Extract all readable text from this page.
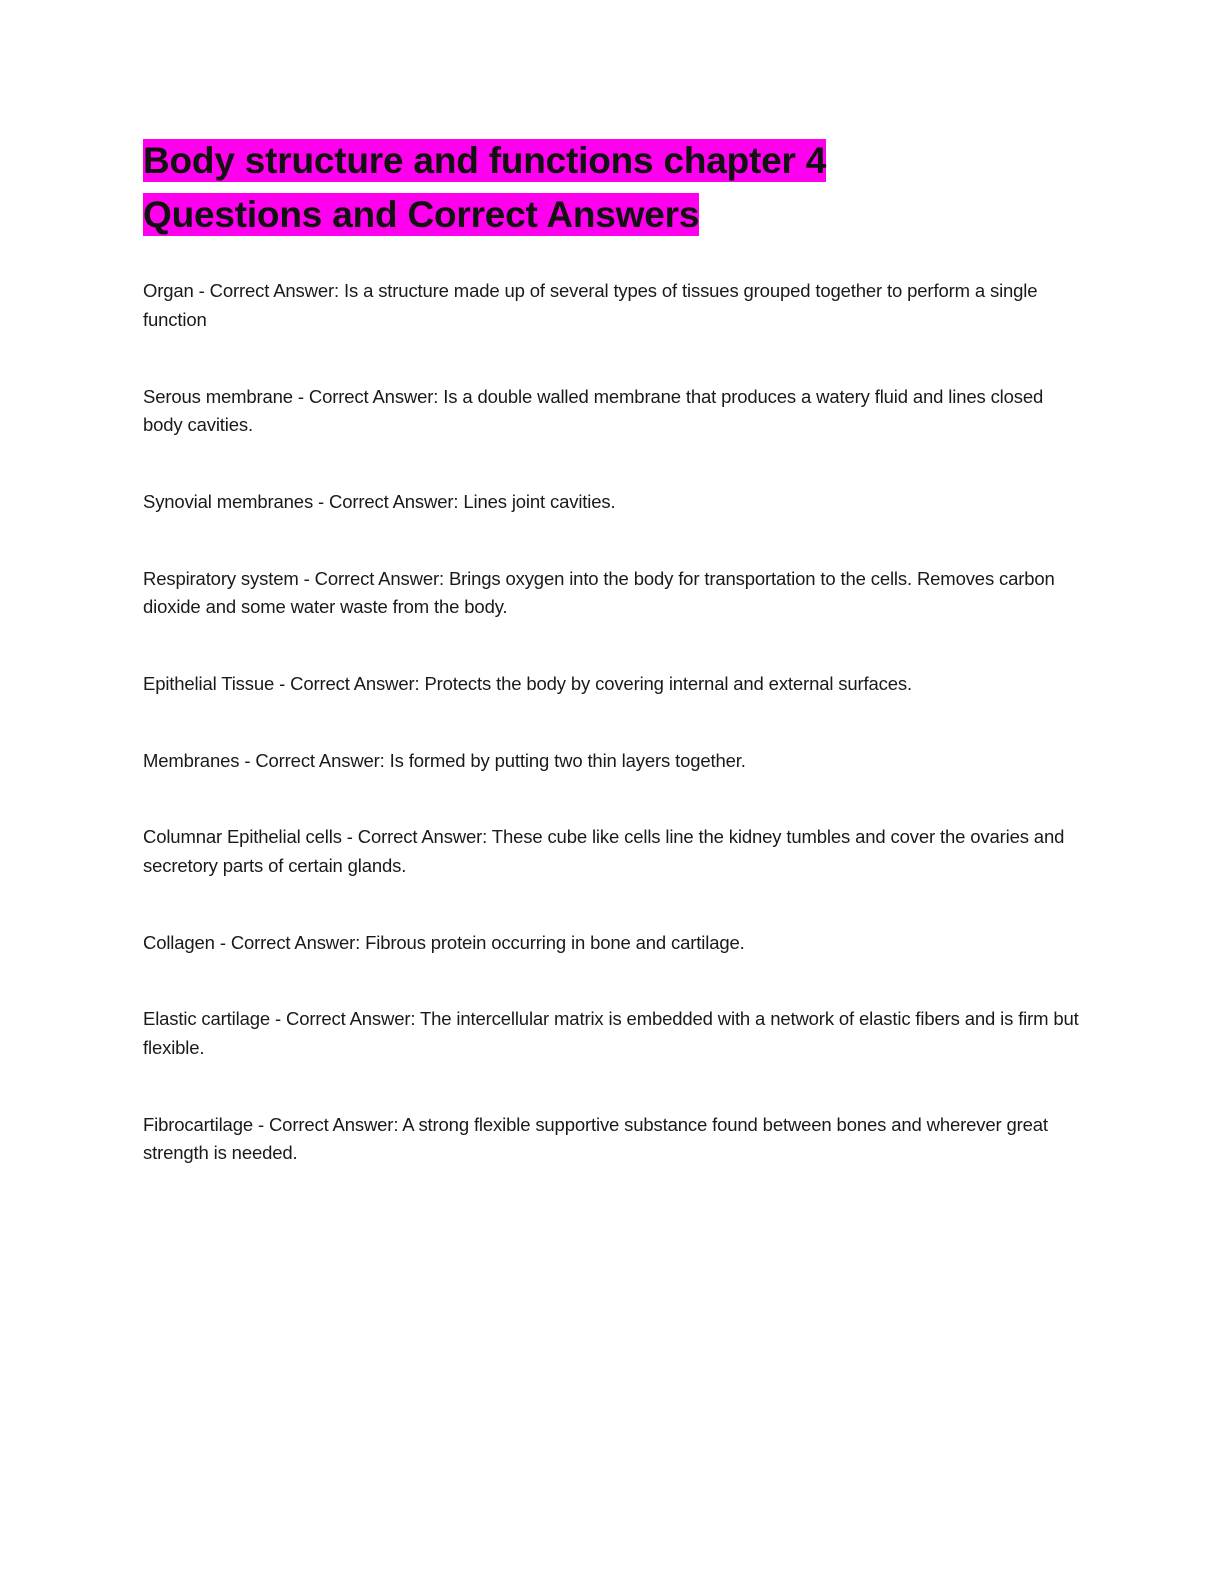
Body structure and functions chapter 4
Questions and Correct Answers

Organ - Correct Answer: Is a structure made up of several types of tissues grouped together to perform a single function

Serous membrane - Correct Answer: Is a double walled membrane that produces a watery fluid and lines closed body cavities.

Synovial membranes - Correct Answer: Lines joint cavities.

Respiratory system - Correct Answer: Brings oxygen into the body for transportation to the cells. Removes carbon dioxide and some water waste from the body.

Epithelial Tissue - Correct Answer: Protects the body by covering internal and external surfaces.

Membranes - Correct Answer: Is formed by putting two thin layers together.

Columnar Epithelial cells - Correct Answer: These cube like cells line the kidney tumbles and cover the ovaries and secretory parts of certain glands.

Collagen - Correct Answer: Fibrous protein occurring in bone and cartilage.

Elastic cartilage - Correct Answer: The intercellular matrix is embedded with a network of elastic fibers and is firm but flexible.

Fibrocartilage - Correct Answer: A strong flexible supportive substance found between bones and wherever great strength is needed.
